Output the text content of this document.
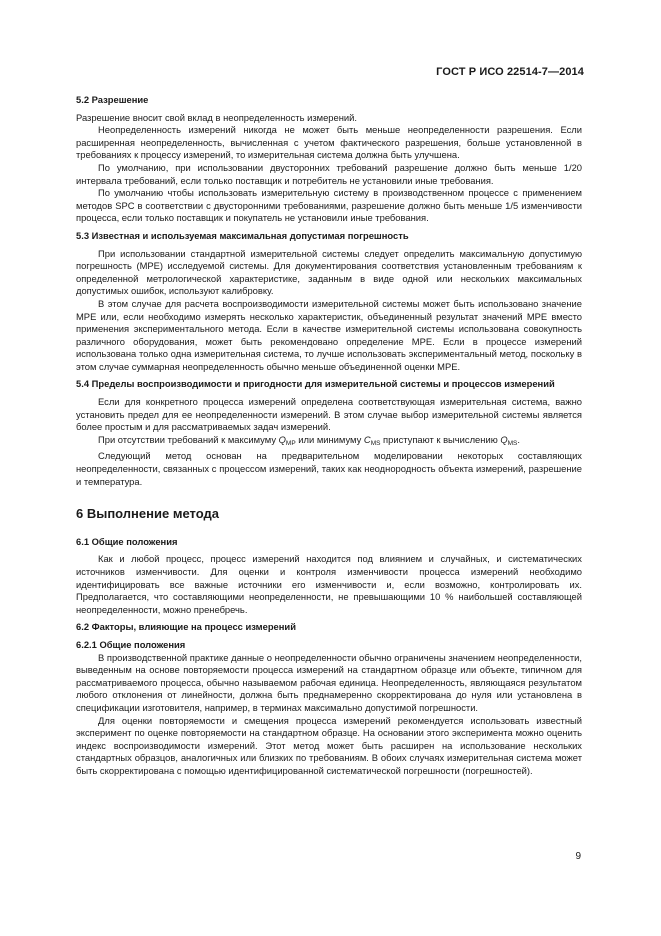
ГОСТ Р ИСО 22514-7—2014
5.2 Разрешение

Разрешение вносит свой вклад в неопределенность измерений.

Неопределенность измерений никогда не может быть меньше неопределенности разрешения. Если расширенная неопределенность, вычисленная с учетом фактического разрешения, больше установленной в требованиях к процессу измерений, то измерительная система должна быть улучшена.

По умолчанию, при использовании двусторонних требований разрешение должно быть меньше 1/20 интервала требований, если только поставщик и потребитель не установили иные требования.

По умолчанию чтобы использовать измерительную систему в производственном процессе с применением методов SPC в соответствии с двусторонними требованиями, разрешение должно быть меньше 1/5 изменчивости процесса, если только поставщик и покупатель не установили иные требования.

5.3 Известная и используемая максимальная допустимая погрешность

При использовании стандартной измерительной системы следует определить максимальную допустимую погрешность (MPE) исследуемой системы. Для документирования соответствия установленным требованиям к определенной метрологической характеристике, заданным в виде одной или нескольких максимальных допустимых ошибок, используют калибровку.

В этом случае для расчета воспроизводимости измерительной системы может быть использовано значение MPE или, если необходимо измерять несколько характеристик, объединенный результат значений MPE вместо применения экспериментального метода. Если в качестве измерительной системы использована совокупность различного оборудования, может быть рекомендовано определение MPE. Если в процессе измерений использована только одна измерительная система, то лучше использовать экспериментальный метод, поскольку в этом случае суммарная неопределенность обычно меньше объединенной оценки MPE.

5.4 Пределы воспроизводимости и пригодности для измерительной системы и процессов измерений

Если для конкретного процесса измерений определена соответствующая измерительная система, важно установить предел для ее неопределенности измерений. В этом случае выбор измерительной системы является более простым и для рассматриваемых задач измерений.

При отсутствии требований к максимуму $Q_{MP}$ или минимуму $C_{MS}$ приступают к вычислению $Q_{MS}$.

Следующий метод основан на предварительном моделировании некоторых составляющих неопределенности, связанных с процессом измерений, таких как неоднородность объекта измерений, разрешение и температура.

6 Выполнение метода
6.1 Общие положения

Как и любой процесс, процесс измерений находится под влиянием и случайных, и систематических источников изменчивости. Для оценки и контроля изменчивости процесса измерений необходимо идентифицировать все важные источники его изменчивости и, если возможно, контролировать их. Предполагается, что составляющими неопределенности, не превышающими 10 % наибольшей составляющей неопределенности, можно пренебречь.

6.2 Факторы, влияющие на процесс измерений
6.2.1 Общие положения

В производственной практике данные о неопределенности обычно ограничены значением неопределенности, выведенным на основе повторяемости процесса измерений на стандартном образце или объекте, типичном для рассматриваемого процесса, обычно называемом рабочая единица. Неопределенность, являющаяся результатом любого отклонения от линейности, должна быть преднамеренно скорректирована до нуля или установлена в спецификации изготовителя, например, в терминах максимально допустимой погрешности.

Для оценки повторяемости и смещения процесса измерений рекомендуется использовать известный эксперимент по оценке повторяемости на стандартном образце. На основании этого эксперимента можно оценить индекс воспроизводимости измерений. Этот метод может быть расширен на использование нескольких стандартных образцов, аналогичных или близких по требованиям. В обоих случаях измерительная система может быть скорректирована с помощью идентифицированной систематической погрешности (погрешностей).

9
